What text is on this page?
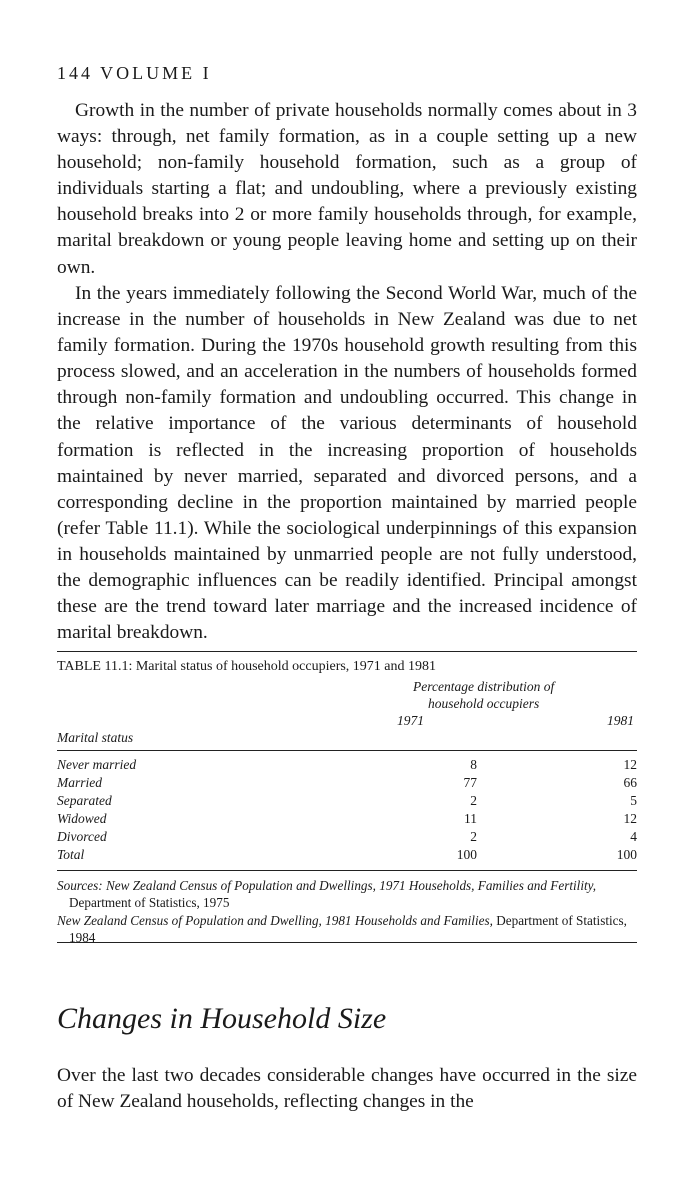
144 VOLUME I

Growth in the number of private households normally comes about in 3 ways: through, net family formation, as in a couple setting up a new household; non-family household formation, such as a group of individuals starting a flat; and undoubling, where a previously existing household breaks into 2 or more family households through, for example, marital breakdown or young people leaving home and setting up on their own.

In the years immediately following the Second World War, much of the increase in the number of households in New Zealand was due to net family formation. During the 1970s household growth resulting from this process slowed, and an acceleration in the numbers of households formed through non-family formation and undoubling occurred. This change in the relative importance of the various determinants of household formation is reflected in the increasing proportion of households maintained by never married, separated and divorced persons, and a corresponding decline in the proportion maintained by married people (refer Table 11.1). While the sociological underpinnings of this expansion in households maintained by unmarried people are not fully understood, the demographic influences can be readily identified. Principal amongst these are the trend toward later marriage and the increased incidence of marital breakdown.

TABLE 11.1: Marital status of household occupiers, 1971 and 1981
Percentage distribution of
household occupiers
Marital status
1971	1981
Never married	8	12
Married	77	66
Separated	2	5
Widowed	11	12
Divorced	2	4
Total	100	100

Sources: New Zealand Census of Population and Dwellings, 1971 Households, Families and Fertility, Department of Statistics, 1975

New Zealand Census of Population and Dwelling, 1981 Households and Families, Department of Statistics, 1984

Changes in Household Size

Over the last two decades considerable changes have occurred in the size of New Zealand households, reflecting changes in the
